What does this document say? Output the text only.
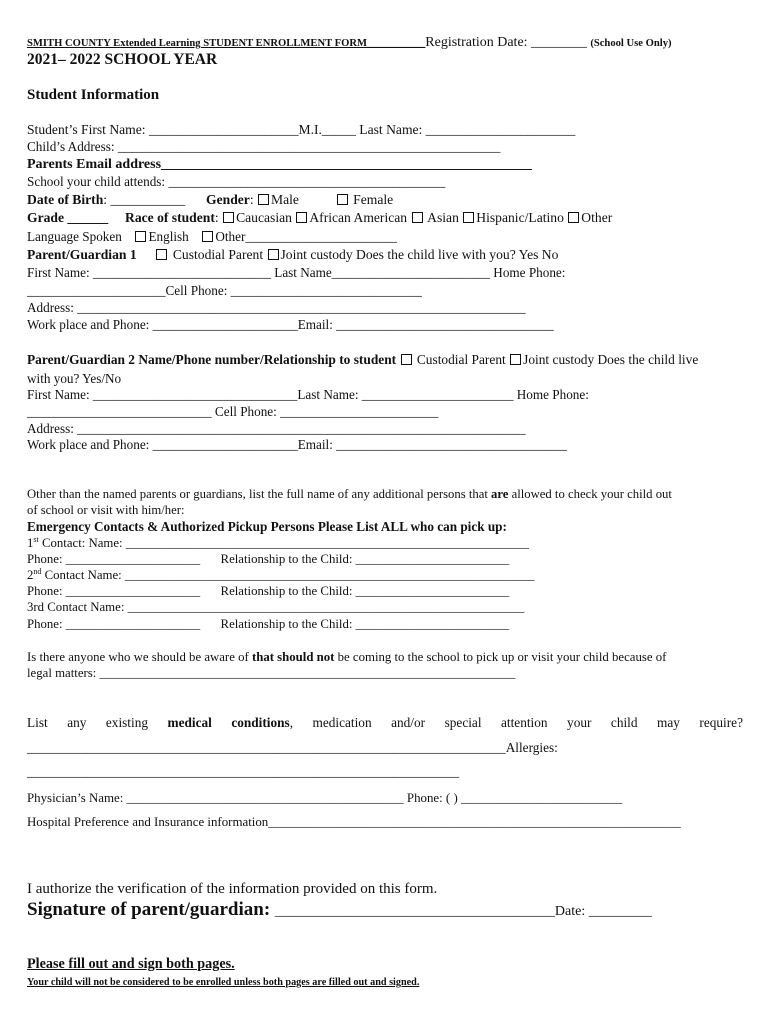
SMITH COUNTY Extended Learning STUDENT ENROLLMENT FORM___________Registration Date: ________ (School Use Only)
2021– 2022 SCHOOL YEAR
Student Information
Student’s First Name: ______________________M.I._____ Last Name: ______________________
Child’s Address: __________________________________________________________
Parents Email address_____________________________________________________
School your child attends: __________________________________________
Date of Birth: ___________ Gender: Male	Female
Grade ______ Race of student: Caucasian African American Asian Hispanic/Latino Other
Language Spoken English Other_______________________
Parent/Guardian 1	Custodial Parent Joint custody Does the child live with you? Yes No
First Name: ___________________________ Last Name________________________ Home Phone:
_____________________Cell Phone: _____________________________
Address: ____________________________________________________________________
Work place and Phone: ______________________Email: _________________________________
Parent/Guardian 2 Name/Phone number/Relationship to student Custodial Parent Joint custody Does the child live
with you? Yes/No
First Name: _______________________________Last Name: _______________________ Home Phone:
____________________________ Cell Phone: ________________________
Address: ____________________________________________________________________
Work place and Phone: ______________________Email: ___________________________________
Other than the named parents or guardians, list the full name of any additional persons that are allowed to check your child out
of school or visit with him/her:
Emergency Contacts & Authorized Pickup Persons Please List ALL who can pick up:
1st Contact: Name: _______________________________________________________________
Phone: _____________________ Relationship to the Child: ________________________
2nd Contact Name: ________________________________________________________________
Phone: _____________________ Relationship to the Child: ________________________
3rd Contact Name: ______________________________________________________________
Phone: _____________________ Relationship to the Child: ________________________
Is there anyone who we should be aware of that should not be coming to the school to pick up or visit your child because of
legal matters: _________________________________________________________________
List any existing medical conditions, medication and/or special attention your child may require?
________________________________________________________________________Allergies:
_________________________________________________________________
Physician’s Name: ___________________________________________ Phone: ( ) _________________________
Hospital Preference and Insurance information________________________________________________________________
I authorize the verification of the information provided on this form.
Signature of parent/guardian: ________________________________________Date: _________
Please fill out and sign both pages.
Your child will not be considered to be enrolled unless both pages are filled out and signed.
